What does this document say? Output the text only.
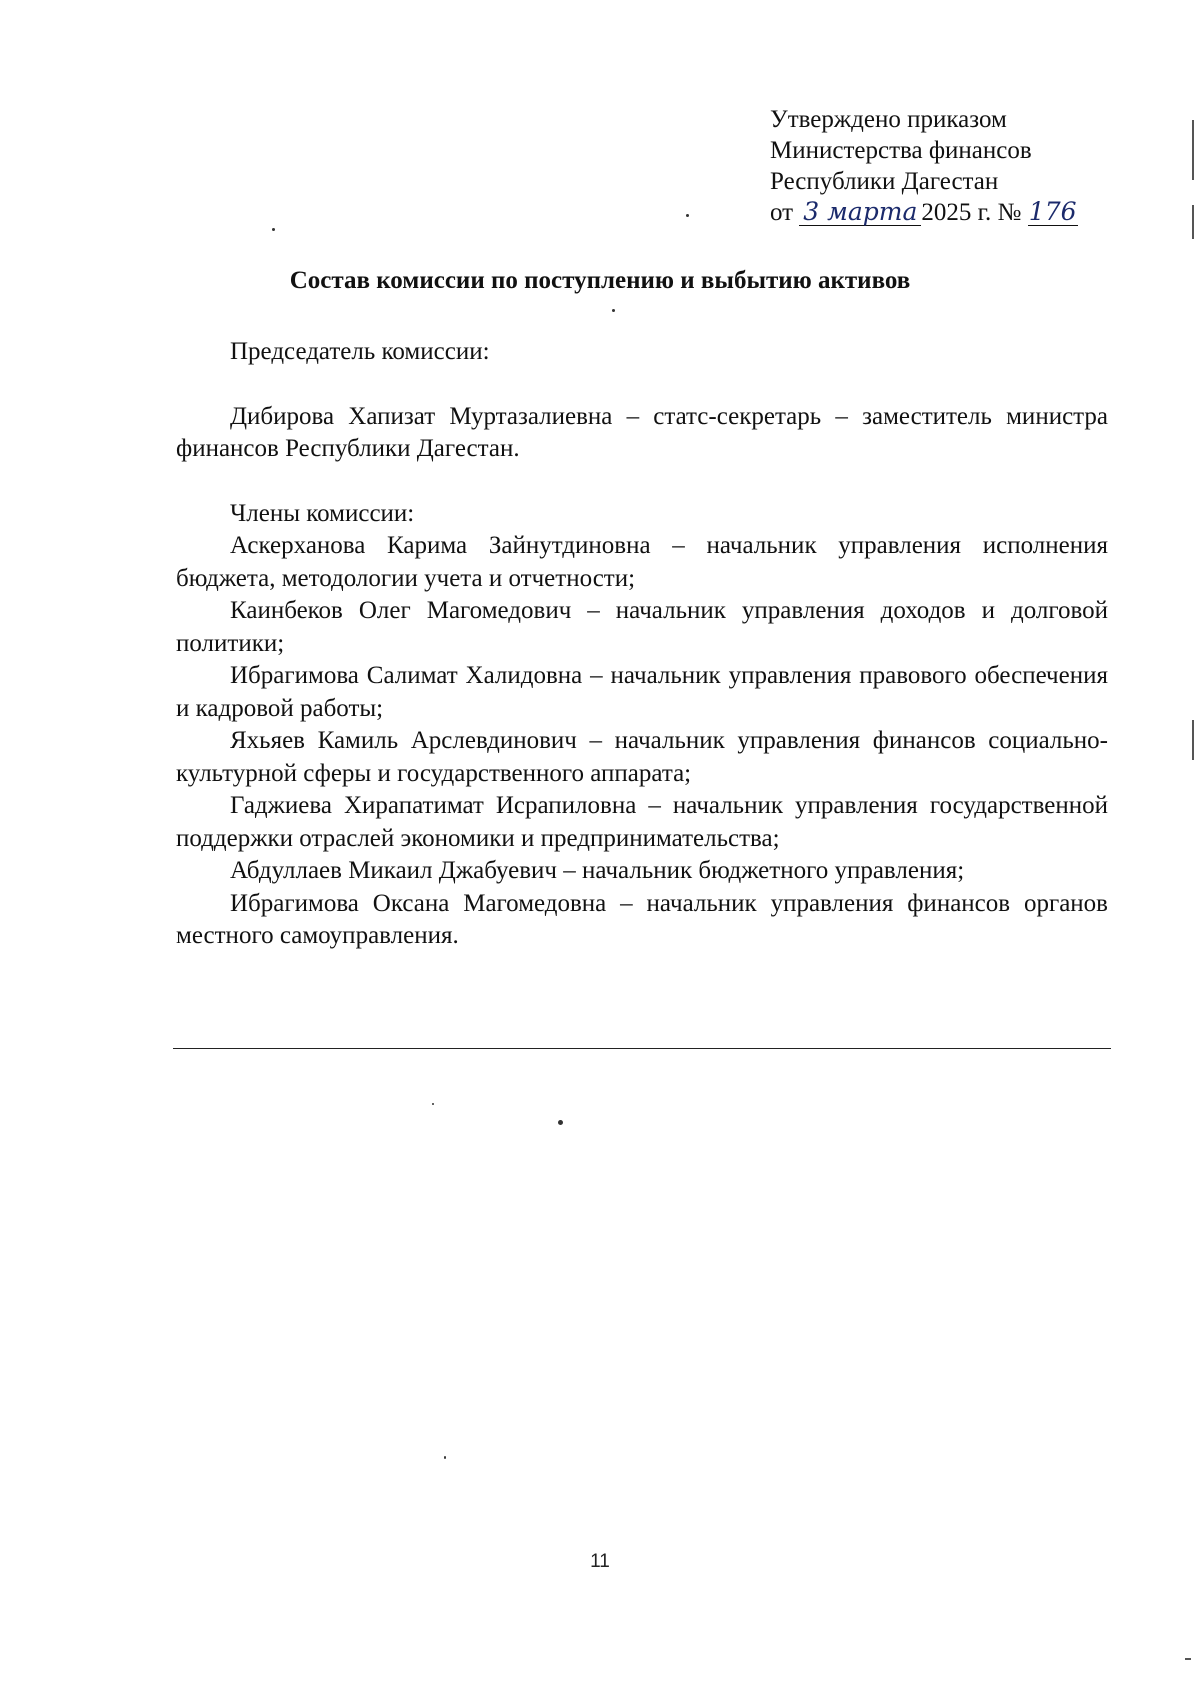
Утверждено приказом
Министерства финансов
Республики Дагестан
от 3 марта 2025 г. № 176
Состав комиссии по поступлению и выбытию активов

Председатель комиссии:

Дибирова Хапизат Муртазалиевна – статс-секретарь – заместитель министра финансов Республики Дагестан.

Члены комиссии:

Аскерханова Карима Зайнутдиновна – начальник управления исполнения бюджета, методологии учета и отчетности;

Каинбеков Олег Магомедович – начальник управления доходов и долговой политики;

Ибрагимова Салимат Халидовна – начальник управления правового обеспечения и кадровой работы;

Яхьяев Камиль Арслевдинович – начальник управления финансов социально-культурной сферы и государственного аппарата;

Гаджиева Хирапатимат Исрапиловна – начальник управления государственной поддержки отраслей экономики и предпринимательства;

Абдуллаев Микаил Джабуевич – начальник бюджетного управления;

Ибрагимова Оксана Магомедовна – начальник управления финансов органов местного самоуправления.

11
